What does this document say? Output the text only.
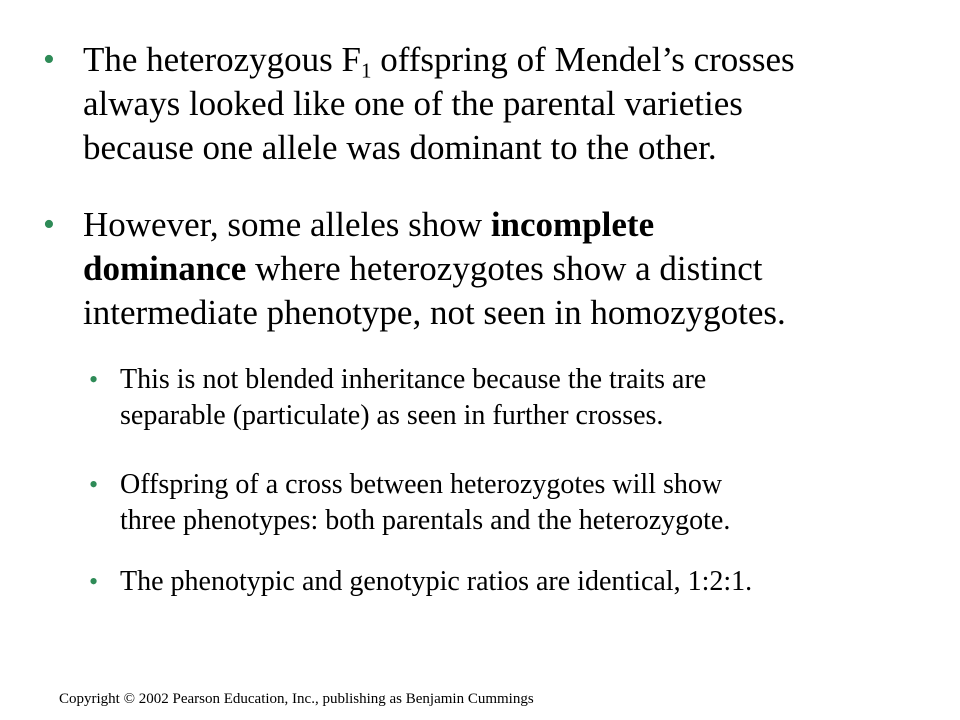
• The heterozygous $F_1$ offspring of Mendel’s crosses
always looked like one of the parental varieties
because one allele was dominant to the other.
• However, some alleles show incomplete
dominance where heterozygotes show a distinct
intermediate phenotype, not seen in homozygotes.
• This is not blended inheritance because the traits are
separable (particulate) as seen in further crosses.
• Offspring of a cross between heterozygotes will show
three phenotypes: both parentals and the heterozygote.
• The phenotypic and genotypic ratios are identical, 1:2:1.
Copyright © 2002 Pearson Education, Inc., publishing as Benjamin Cummings
